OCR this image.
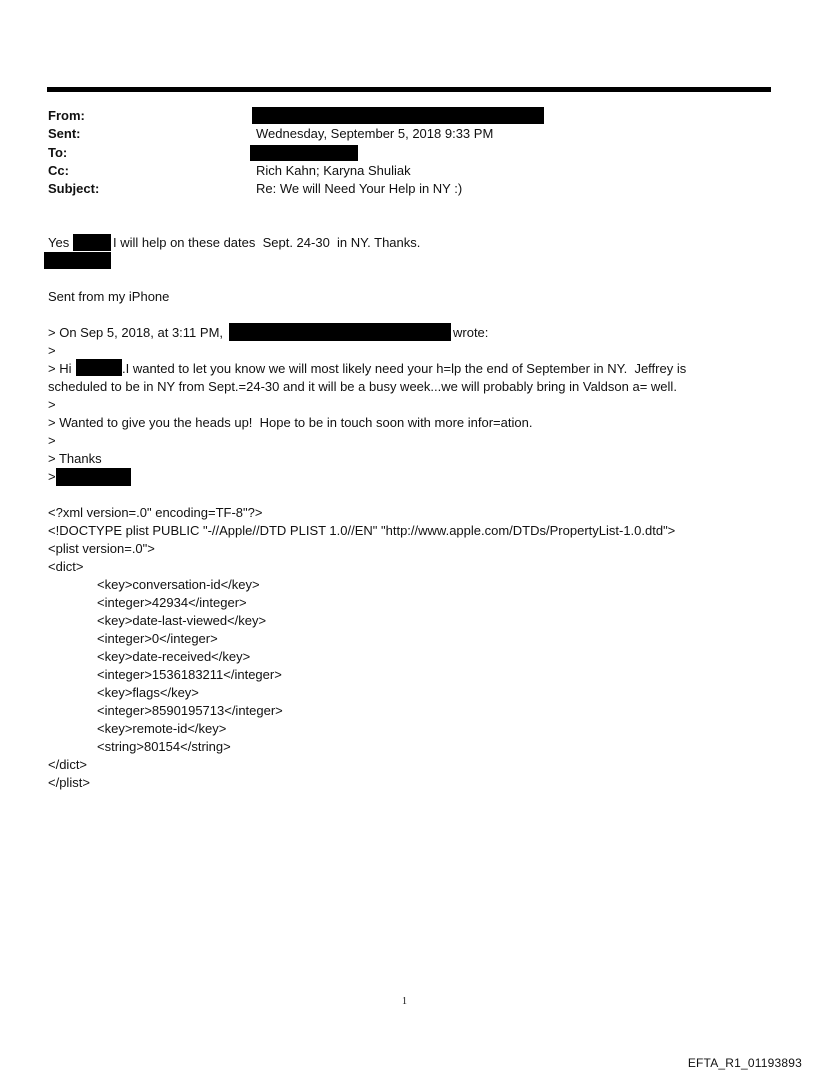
From:
Sent:	Wednesday, September 5, 2018 9:33 PM
To:
Cc:	Rich Kahn; Karyna Shuliak
Subject:	Re: We will Need Your Help in NY :)
Yes	I will help on these dates  Sept. 24-30  in NY. Thanks.
Sent from my iPhone
> On Sep 5, 2018, at 3:11 PM,	wrote:
>
> Hi	.I wanted to let you know we will most likely need your h=lp the end of September in NY.  Jeffrey is
scheduled to be in NY from Sept.=24-30 and it will be a busy week...we will probably bring in Valdson a= well.
>
> Wanted to give you the heads up!  Hope to be in touch soon with more infor=ation.
>
> Thanks
>
<?xml version=.0" encoding=TF-8"?>
<!DOCTYPE plist PUBLIC "-//Apple//DTD PLIST 1.0//EN" "http://www.apple.com/DTDs/PropertyList-1.0.dtd">
<plist version=.0">
<dict>
<key>conversation-id</key>
<integer>42934</integer>
<key>date-last-viewed</key>
<integer>0</integer>
<key>date-received</key>
<integer>1536183211</integer>
<key>flags</key>
<integer>8590195713</integer>
<key>remote-id</key>
<string>80154</string>
</dict>
</plist>
1
EFTA_R1_01193893
